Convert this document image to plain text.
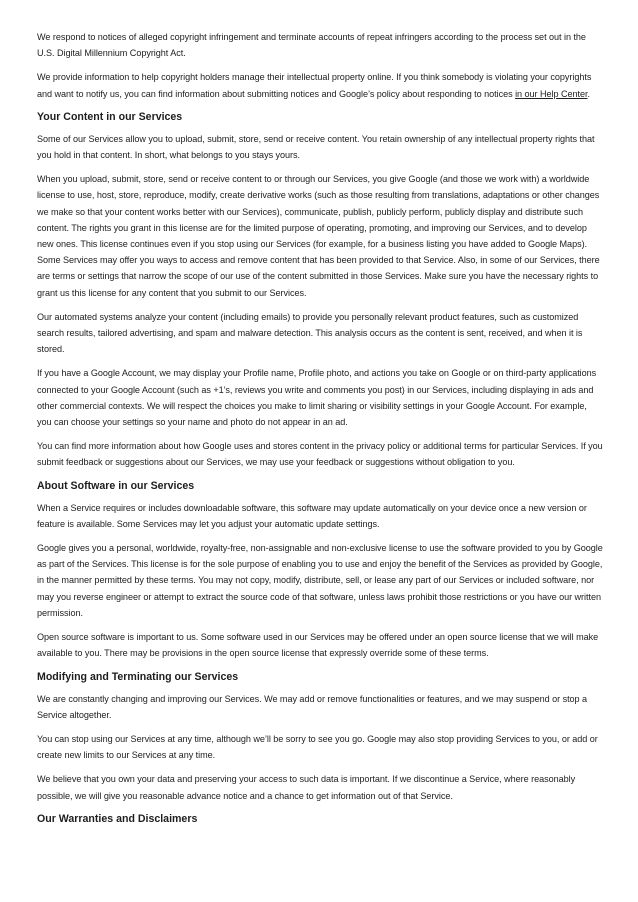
We respond to notices of alleged copyright infringement and terminate accounts of repeat infringers according to the process set out in the U.S. Digital Millennium Copyright Act.

We provide information to help copyright holders manage their intellectual property online. If you think somebody is violating your copyrights and want to notify us, you can find information about submitting notices and Google’s policy about responding to notices in our Help Center.

Your Content in our Services

Some of our Services allow you to upload, submit, store, send or receive content. You retain ownership of any intellectual property rights that you hold in that content. In short, what belongs to you stays yours.

When you upload, submit, store, send or receive content to or through our Services, you give Google (and those we work with) a worldwide license to use, host, store, reproduce, modify, create derivative works (such as those resulting from translations, adaptations or other changes we make so that your content works better with our Services), communicate, publish, publicly perform, publicly display and distribute such content. The rights you grant in this license are for the limited purpose of operating, promoting, and improving our Services, and to develop new ones. This license continues even if you stop using our Services (for example, for a business listing you have added to Google Maps). Some Services may offer you ways to access and remove content that has been provided to that Service. Also, in some of our Services, there are terms or settings that narrow the scope of our use of the content submitted in those Services. Make sure you have the necessary rights to grant us this license for any content that you submit to our Services.

Our automated systems analyze your content (including emails) to provide you personally relevant product features, such as customized search results, tailored advertising, and spam and malware detection. This analysis occurs as the content is sent, received, and when it is stored.

If you have a Google Account, we may display your Profile name, Profile photo, and actions you take on Google or on third-party applications connected to your Google Account (such as +1’s, reviews you write and comments you post) in our Services, including displaying in ads and other commercial contexts. We will respect the choices you make to limit sharing or visibility settings in your Google Account. For example, you can choose your settings so your name and photo do not appear in an ad.

You can find more information about how Google uses and stores content in the privacy policy or additional terms for particular Services. If you submit feedback or suggestions about our Services, we may use your feedback or suggestions without obligation to you.

About Software in our Services

When a Service requires or includes downloadable software, this software may update automatically on your device once a new version or feature is available. Some Services may let you adjust your automatic update settings.

Google gives you a personal, worldwide, royalty-free, non-assignable and non-exclusive license to use the software provided to you by Google as part of the Services. This license is for the sole purpose of enabling you to use and enjoy the benefit of the Services as provided by Google, in the manner permitted by these terms. You may not copy, modify, distribute, sell, or lease any part of our Services or included software, nor may you reverse engineer or attempt to extract the source code of that software, unless laws prohibit those restrictions or you have our written permission.

Open source software is important to us. Some software used in our Services may be offered under an open source license that we will make available to you. There may be provisions in the open source license that expressly override some of these terms.

Modifying and Terminating our Services

We are constantly changing and improving our Services. We may add or remove functionalities or features, and we may suspend or stop a Service altogether.

You can stop using our Services at any time, although we’ll be sorry to see you go. Google may also stop providing Services to you, or add or create new limits to our Services at any time.

We believe that you own your data and preserving your access to such data is important. If we discontinue a Service, where reasonably possible, we will give you reasonable advance notice and a chance to get information out of that Service.

Our Warranties and Disclaimers
